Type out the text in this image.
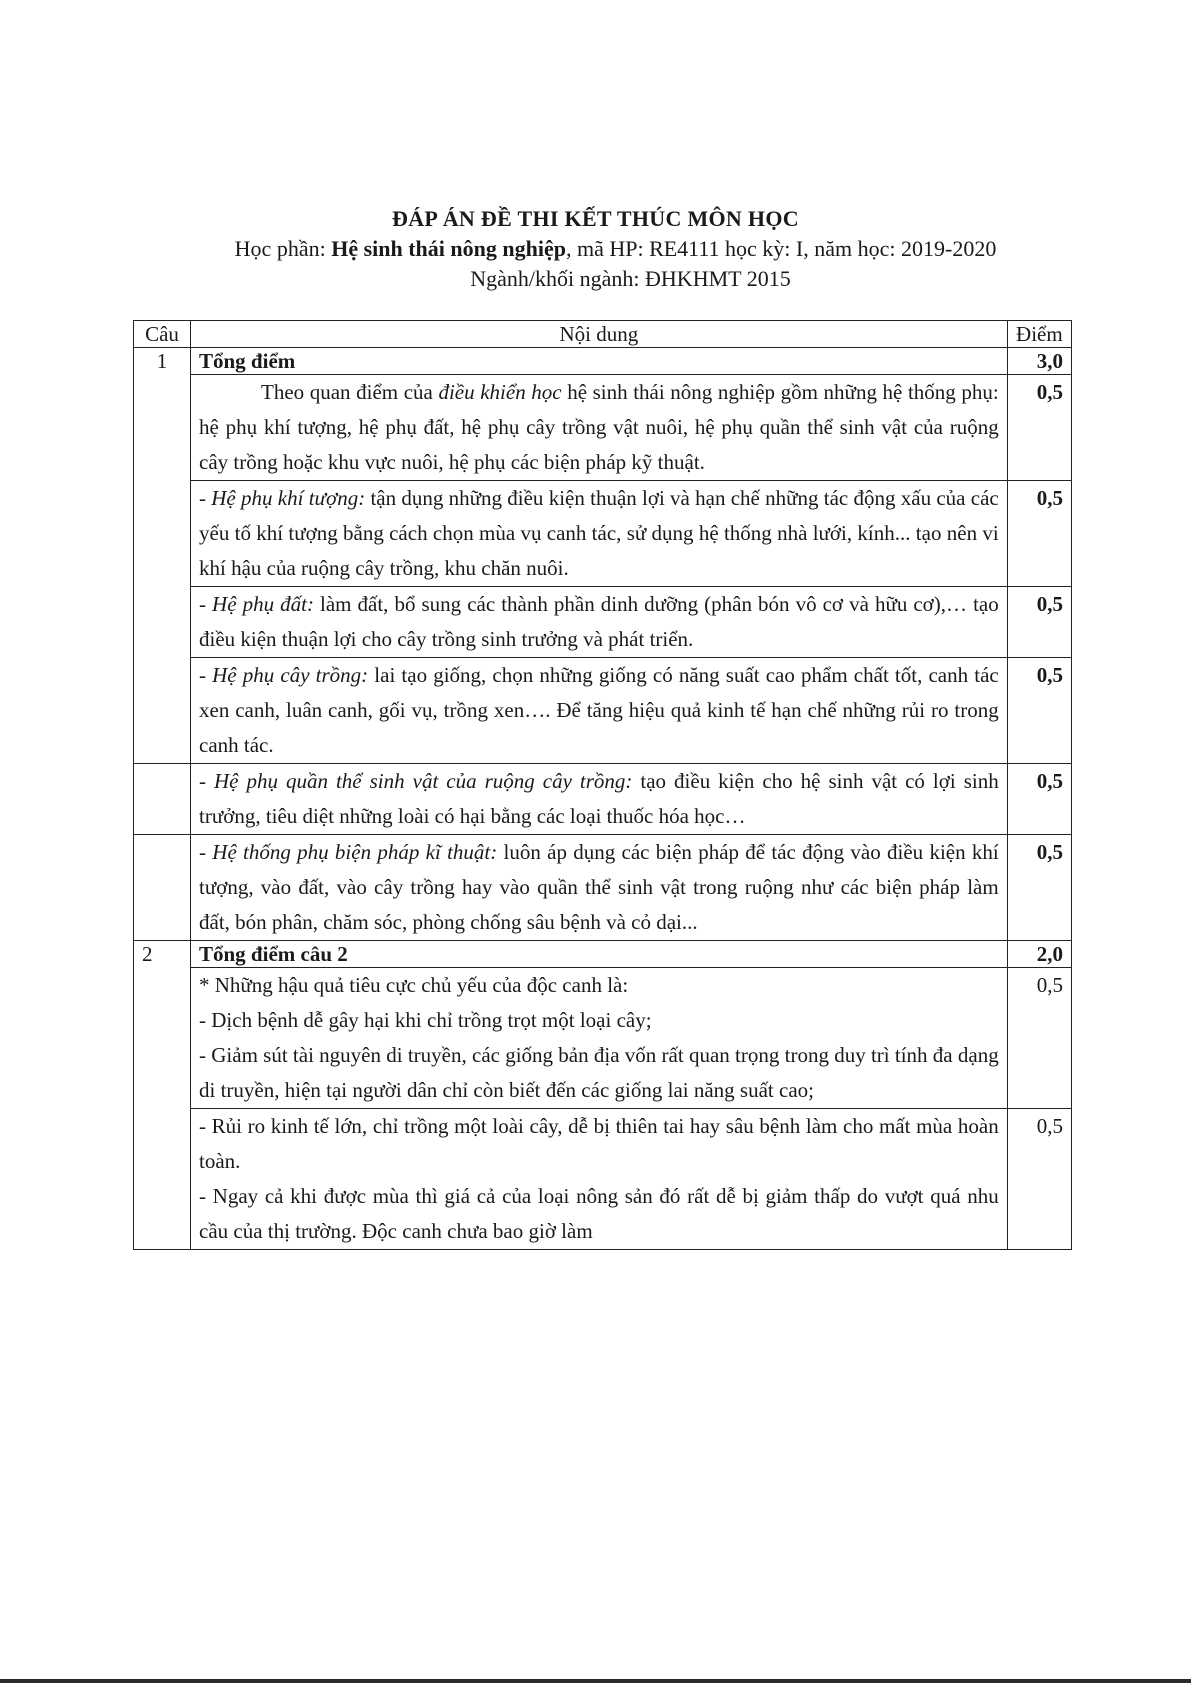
ĐÁP ÁN ĐỀ THI KẾT THÚC MÔN HỌC
Học phần: Hệ sinh thái nông nghiệp, mã HP: RE4111 học kỳ: I, năm học: 2019-2020
Ngành/khối ngành: ĐHKHMT 2015
Câu	Nội dung	Điểm
1	Tổng điểm	3,0

	Theo quan điểm của điều khiển học hệ sinh thái nông nghiệp gồm những hệ thống phụ: hệ phụ khí tượng, hệ phụ đất, hệ phụ cây trồng vật nuôi, hệ phụ quần thể sinh vật của ruộng cây trồng hoặc khu vực nuôi, hệ phụ các biện pháp kỹ thuật.	0,5
	- Hệ phụ khí tượng: tận dụng những điều kiện thuận lợi và hạn chế những tác động xấu của các yếu tố khí tượng bằng cách chọn mùa vụ canh tác, sử dụng hệ thống nhà lưới, kính... tạo nên vi khí hậu của ruộng cây trồng, khu chăn nuôi.	0,5
	- Hệ phụ đất: làm đất, bổ sung các thành phần dinh dưỡng (phân bón vô cơ và hữu cơ),… tạo điều kiện thuận lợi cho cây trồng sinh trưởng và phát triển.	0,5
	- Hệ phụ cây trồng: lai tạo giống, chọn những giống có năng suất cao phẩm chất tốt, canh tác xen canh, luân canh, gối vụ, trồng xen…. Để tăng hiệu quả kinh tế hạn chế những rủi ro trong canh tác.	0,5
	- Hệ phụ quần thể sinh vật của ruộng cây trồng: tạo điều kiện cho hệ sinh vật có lợi sinh trưởng, tiêu diệt những loài có hại bằng các loại thuốc hóa học…	0,5
	- Hệ thống phụ biện pháp kĩ thuật: luôn áp dụng các biện pháp để tác động vào điều kiện khí tượng, vào đất, vào cây trồng hay vào quần thể sinh vật trong ruộng như các biện pháp làm đất, bón phân, chăm sóc, phòng chống sâu bệnh và cỏ dại...	0,5
2	Tổng điểm câu 2	2,0

	* Những hậu quả tiêu cực chủ yếu của độc canh là:
- Dịch bệnh dễ gây hại khi chỉ trồng trọt một loại cây;
- Giảm sút tài nguyên di truyền, các giống bản địa vốn rất quan trọng trong duy trì tính đa dạng di truyền, hiện tại người dân chỉ còn biết đến các giống lai năng suất cao;	0,5

	- Rủi ro kinh tế lớn, chỉ trồng một loài cây, dễ bị thiên tai hay sâu bệnh làm cho mất mùa hoàn toàn.
- Ngay cả khi được mùa thì giá cả của loại nông sản đó rất dễ bị giảm thấp do vượt quá nhu cầu của thị trường. Độc canh chưa bao giờ làm	0,5
